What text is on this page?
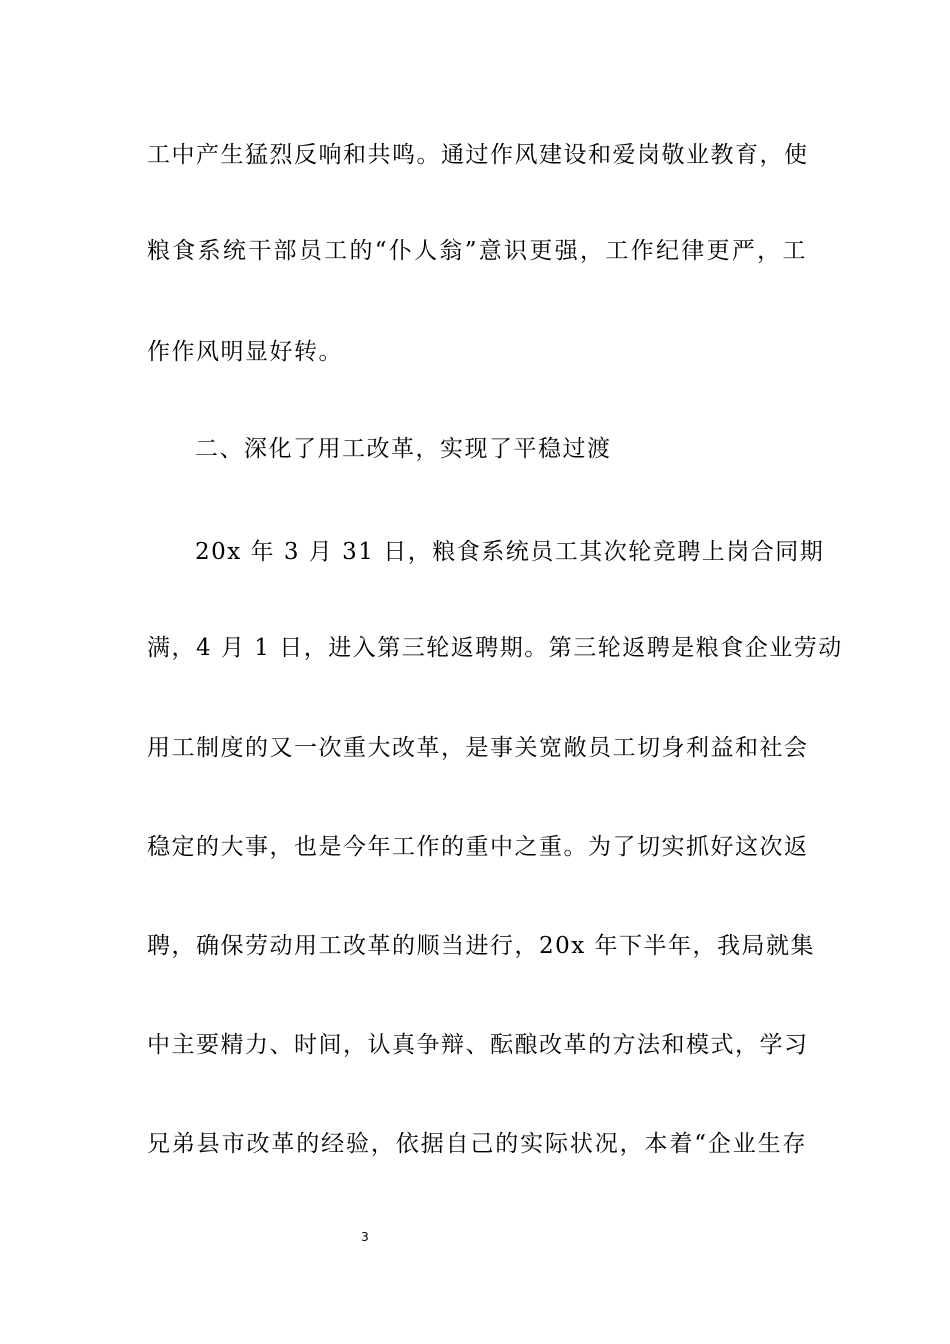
工中产生猛烈反响和共鸣。通过作风建设和爱岗敬业教育，使
粮食系统干部员工的“仆人翁”意识更强，工作纪律更严，工
作作风明显好转。
二、深化了用工改革，实现了平稳过渡
20x 年 3 月 31 日，粮食系统员工其次轮竞聘上岗合同期
满，4 月 1 日，进入第三轮返聘期。第三轮返聘是粮食企业劳动
用工制度的又一次重大改革，是事关宽敞员工切身利益和社会
稳定的大事，也是今年工作的重中之重。为了切实抓好这次返
聘，确保劳动用工改革的顺当进行，20x 年下半年，我局就集
中主要精力、时间，认真争辩、酝酿改革的方法和模式，学习
兄弟县市改革的经验，依据自己的实际状况，本着“企业生存
3
